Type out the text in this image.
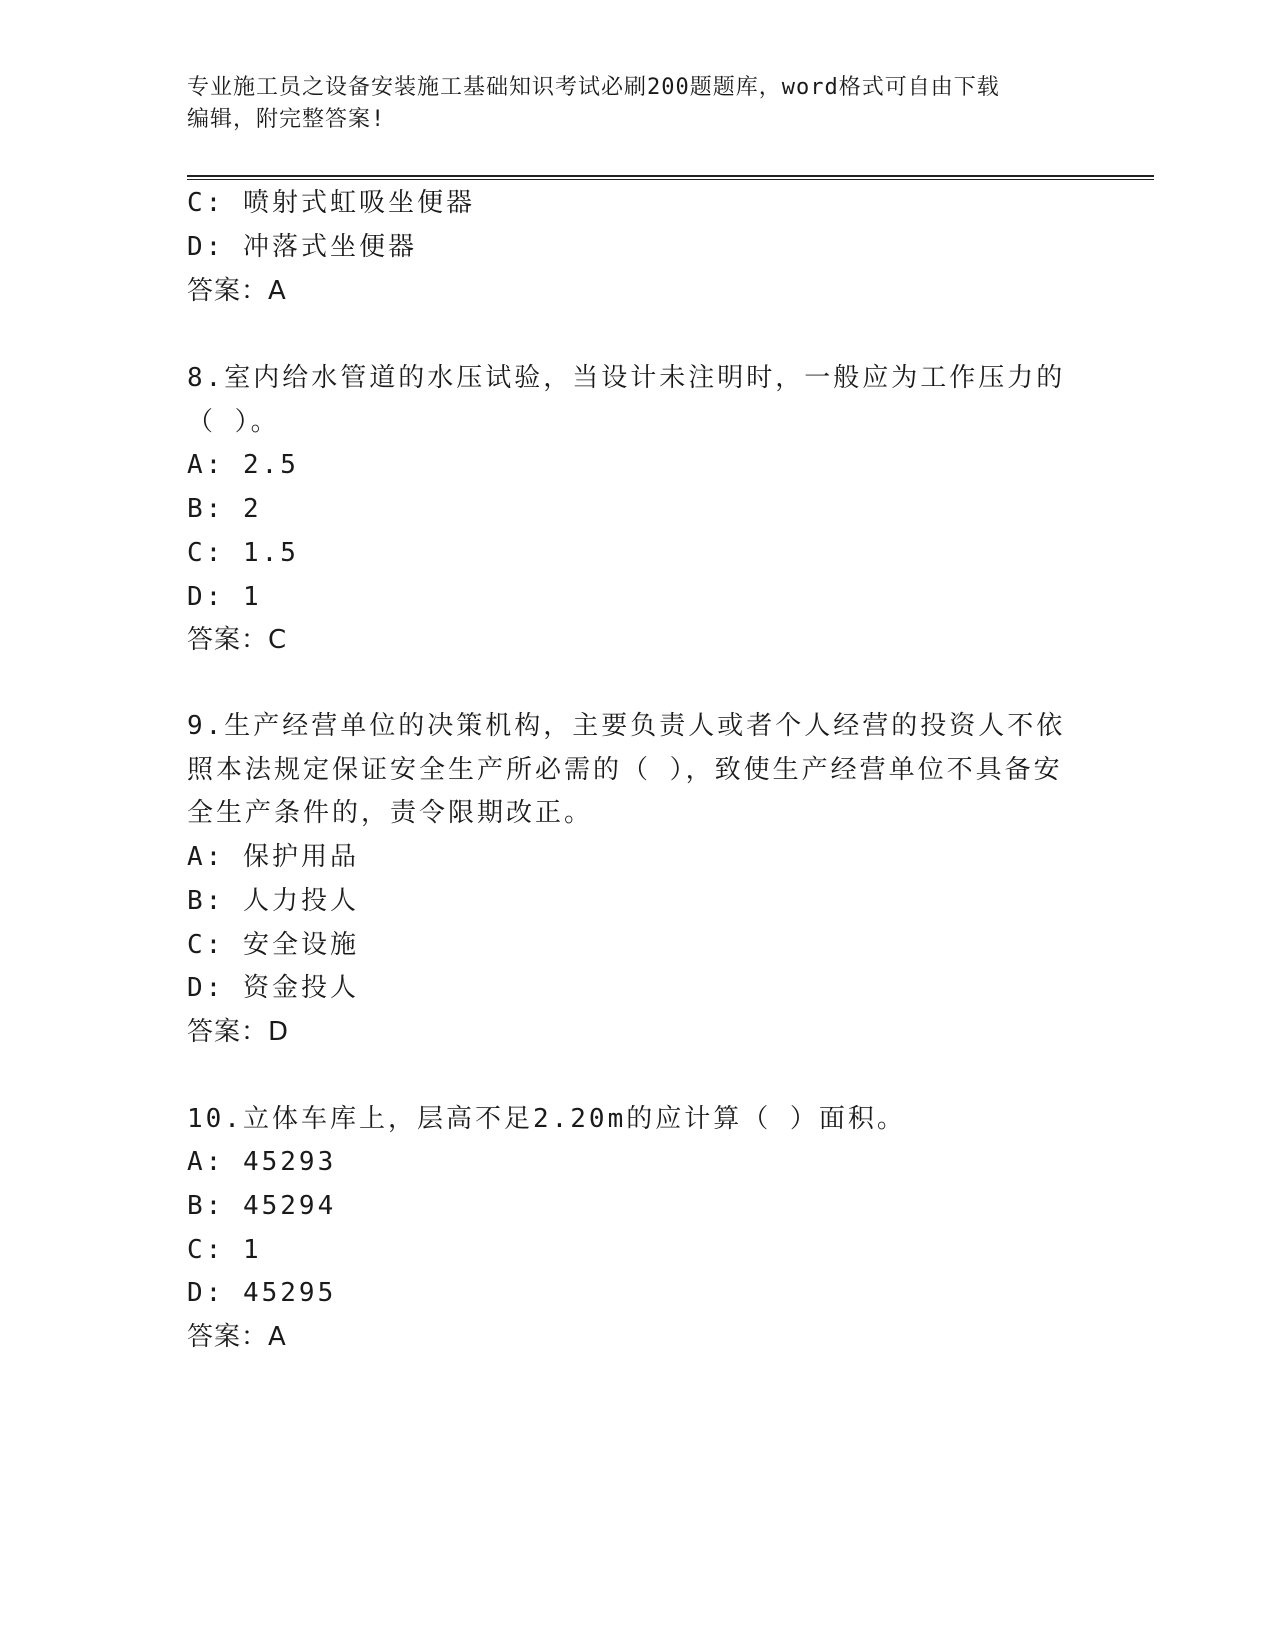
专业施工员之设备安装施工基础知识考试必刷200题题库，word格式可自由下载
编辑，附完整答案!
C: 喷射式虹吸坐便器
D: 冲落式坐便器
答案：A
8.室内给水管道的水压试验，当设计未注明时，一般应为工作压力的
（ ）。
A: 2.5
B: 2
C: 1.5
D: 1
答案：C
9.生产经营单位的决策机构，主要负责人或者个人经营的投资人不依
照本法规定保证安全生产所必需的（ ），致使生产经营单位不具备安
全生产条件的，责令限期改正。
A: 保护用品
B: 人力投人
C: 安全设施
D: 资金投人
答案：D
10.立体车库上，层高不足2.20m的应计算（ ）面积。
A: 45293
B: 45294
C: 1
D: 45295
答案：A
